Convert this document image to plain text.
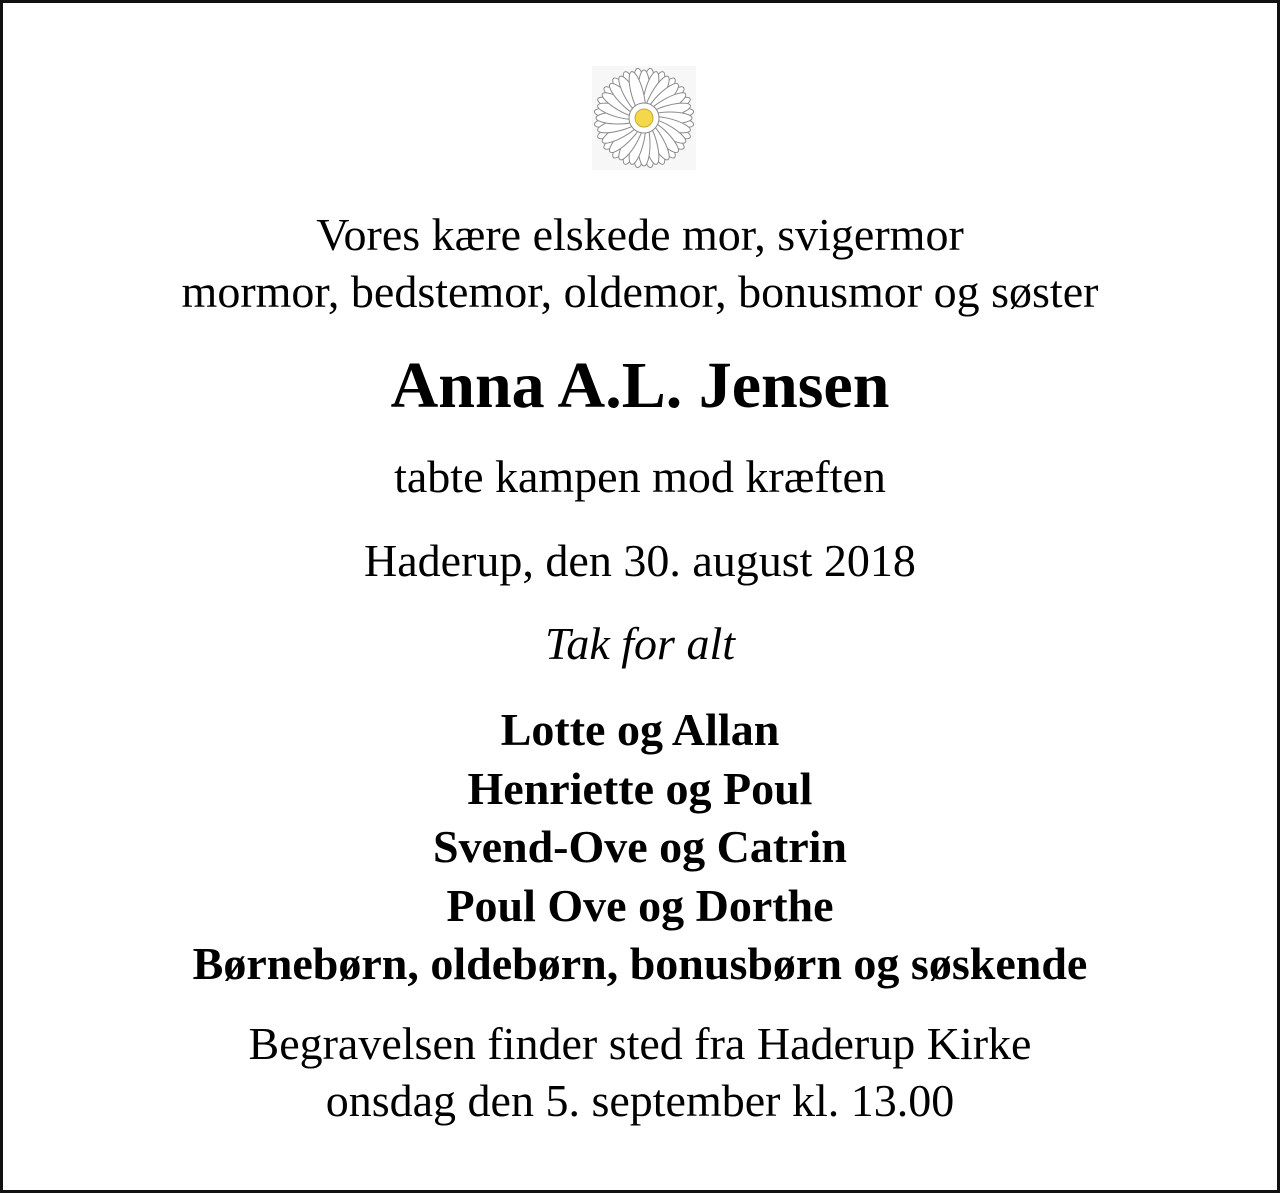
Vores kære elskede mor, svigermor
mormor, bedstemor, oldemor, bonusmor og søster
Anna A.L. Jensen
tabte kampen mod kræften
Haderup, den 30. august 2018
Tak for alt
Lotte og Allan
Henriette og Poul
Svend-Ove og Catrin
Poul Ove og Dorthe
Børnebørn, oldebørn, bonusbørn og søskende
Begravelsen finder sted fra Haderup Kirke
onsdag den 5. september kl. 13.00
